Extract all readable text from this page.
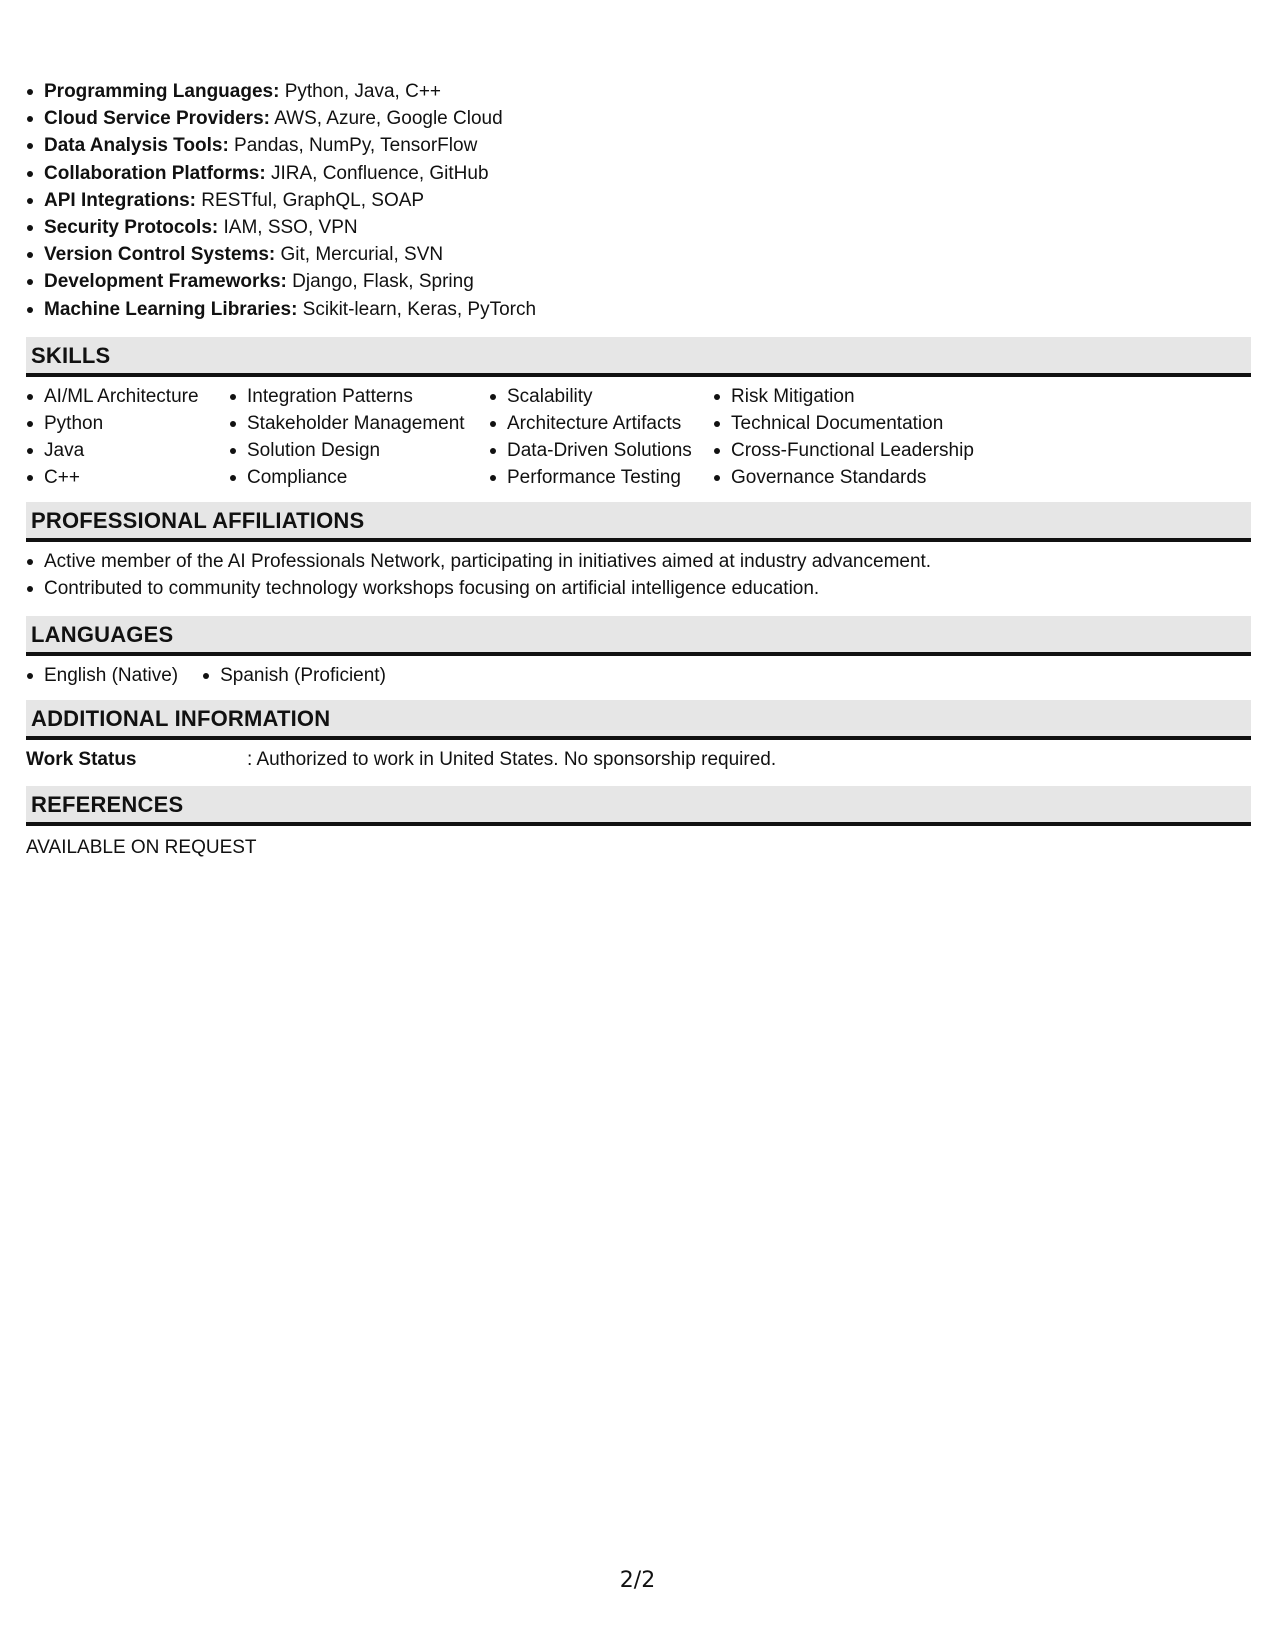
Programming Languages: Python, Java, C++
Cloud Service Providers: AWS, Azure, Google Cloud
Data Analysis Tools: Pandas, NumPy, TensorFlow
Collaboration Platforms: JIRA, Confluence, GitHub
API Integrations: RESTful, GraphQL, SOAP
Security Protocols: IAM, SSO, VPN
Version Control Systems: Git, Mercurial, SVN
Development Frameworks: Django, Flask, Spring
Machine Learning Libraries: Scikit-learn, Keras, PyTorch
SKILLS
AI/ML Architecture
Python
Java
C++
Integration Patterns
Stakeholder Management
Solution Design
Compliance
Scalability
Architecture Artifacts
Data-Driven Solutions
Performance Testing
Risk Mitigation
Technical Documentation
Cross-Functional Leadership
Governance Standards
PROFESSIONAL AFFILIATIONS
Active member of the AI Professionals Network, participating in initiatives aimed at industry advancement.
Contributed to community technology workshops focusing on artificial intelligence education.
LANGUAGES
English (Native)	Spanish (Proficient)
ADDITIONAL INFORMATION
Work Status	: Authorized to work in United States. No sponsorship required.
REFERENCES
AVAILABLE ON REQUEST
2/2
